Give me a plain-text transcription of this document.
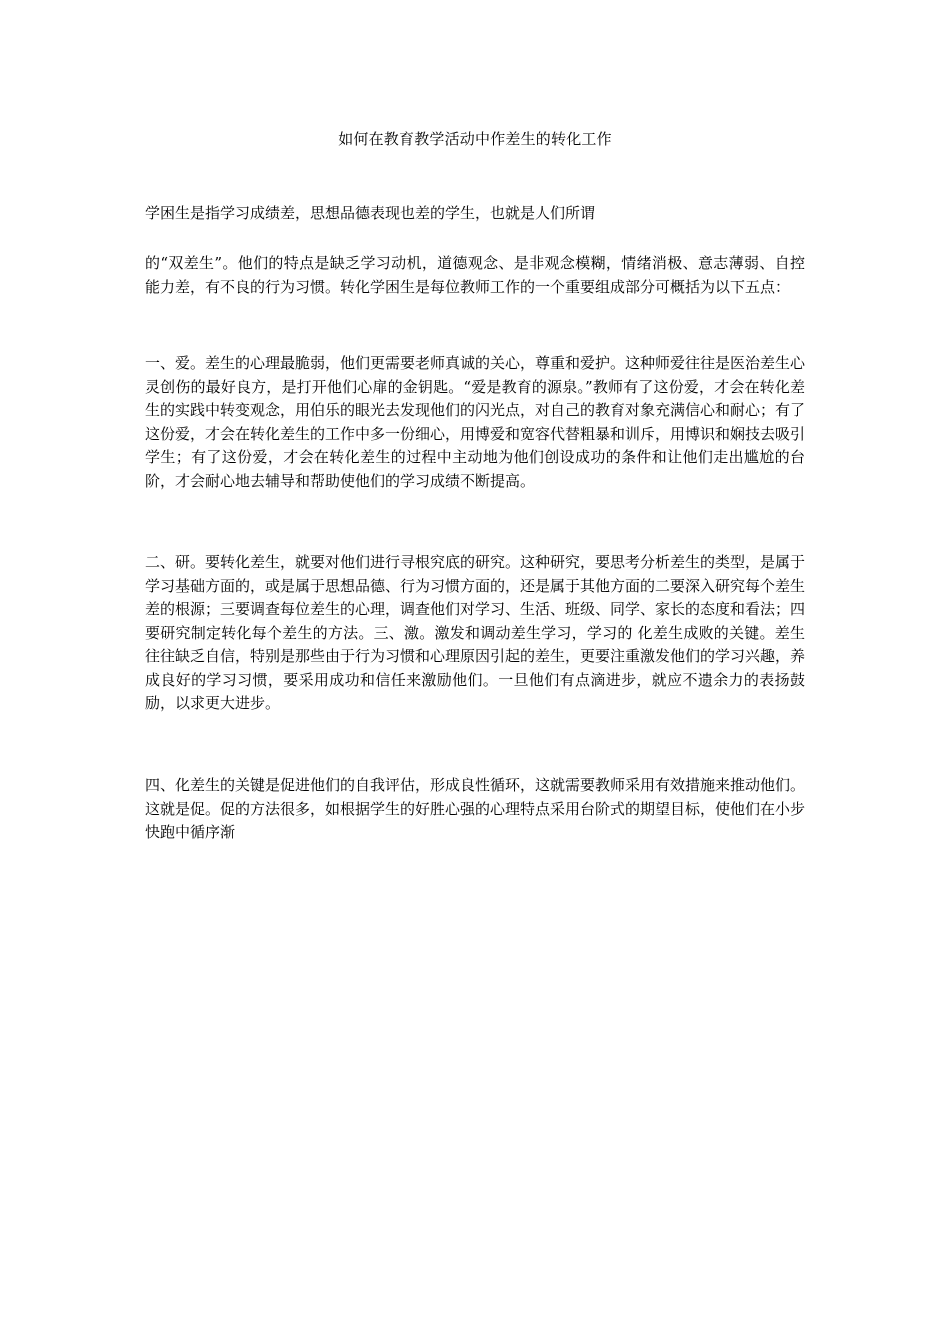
如何在教育教学活动中作差生的转化工作

学困生是指学习成绩差，思想品德表现也差的学生，也就是人们所谓

的“双差生”。他们的特点是缺乏学习动机，道德观念、是非观念模糊，情绪消极、意志薄弱、自控能力差，有不良的行为习惯。转化学困生是每位教师工作的一个重要组成部分可概括为以下五点：

一、爱。差生的心理最脆弱，他们更需要老师真诚的关心，尊重和爱护。这种师爱往往是医治差生心灵创伤的最好良方，是打开他们心扉的金钥匙。“爱是教育的源泉。”教师有了这份爱，才会在转化差生的实践中转变观念，用伯乐的眼光去发现他们的闪光点，对自己的教育对象充满信心和耐心；有了这份爱，才会在转化差生的工作中多一份细心，用博爱和宽容代替粗暴和训斥，用博识和娴技去吸引学生；有了这份爱，才会在转化差生的过程中主动地为他们创设成功的条件和让他们走出尴尬的台阶，才会耐心地去辅导和帮助使他们的学习成绩不断提高。

二、研。要转化差生，就要对他们进行寻根究底的研究。这种研究，要思考分析差生的类型，是属于学习基础方面的，或是属于思想品德、行为习惯方面的，还是属于其他方面的二要深入研究每个差生差的根源；三要调查每位差生的心理，调查他们对学习、生活、班级、同学、家长的态度和看法；四要研究制定转化每个差生的方法。三、激。激发和调动差生学习，学习的 化差生成败的关键。差生往往缺乏自信，特别是那些由于行为习惯和心理原因引起的差生，更要注重激发他们的学习兴趣，养成良好的学习习惯，要采用成功和信任来激励他们。一旦他们有点滴进步，就应不遗余力的表扬鼓励，以求更大进步。

四、化差生的关键是促进他们的自我评估，形成良性循环，这就需要教师采用有效措施来推动他们。这就是促。促的方法很多，如根据学生的好胜心强的心理特点采用台阶式的期望目标，使他们在小步快跑中循序渐
